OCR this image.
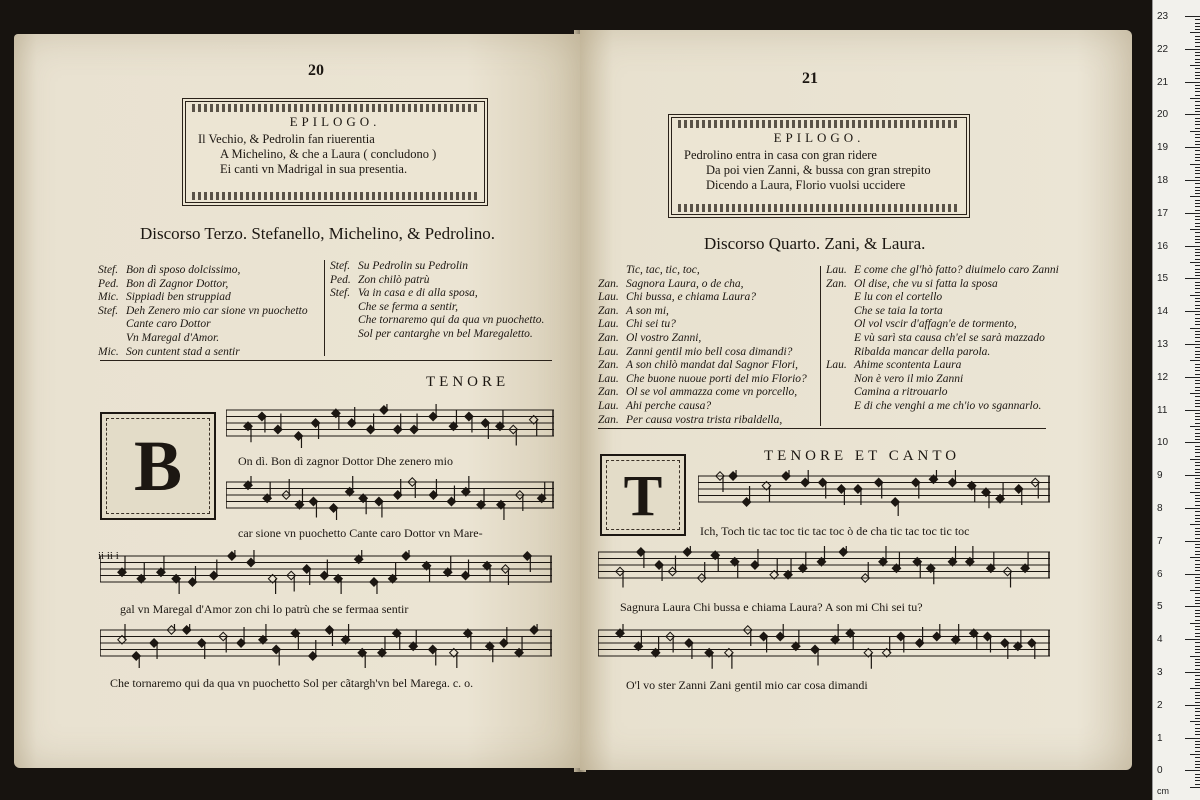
20
EPILOGO.
Il Vechio, & Pedrolin fan riuerentia
A Michelino, & che a Laura ( concludono )
Ei canti vn Madrigal in sua presentia.
Discorso Terzo. Stefanello, Michelino, & Pedrolino.
Stef. Bon dì sposo dolcissimo,
Ped. Bon dì Zagnor Dottor,
Mic. Sippiadi ben struppiad
Stef. Deh Zenero mio car sione vn puochetto
Cante caro Dottor
Vn Maregal d'Amor.
Mic. Son cuntent stad a sentir
Stef. Su Pedrolin su Pedrolin
Ped. Zon chilò patrù
Stef. Va in casa e di alla sposa,
Che se ferma a sentir,
Che tornaremo qui da qua vn puochetto.
Sol per cantarghe vn bel Maregaletto.
TENORE
B	On dì. Bon dì zagnor Dottor Dhe zenero mio
car sione vn puochetto Cante caro Dottor vn Mare-
ii ii i
gal vn Maregal d'Amor zon chi lo patrù che se fermaa sentir
Che tornaremo qui da qua vn puochetto Sol per cãtargh'vn bel Marega. c. o.
21
EPILOGO.
Pedrolino entra in casa con gran ridere
Da poi vien Zanni, & bussa con gran strepito
Dicendo a Laura, Florio vuolsi uccidere
Discorso Quarto. Zani, & Laura.
Tic, tac, tic, toc,
Zan. Sagnora Laura, o de cha,
Lau. Chi bussa, e chiama Laura?
Zan. A son mi,
Lau. Chi sei tu?
Zan. Ol vostro Zanni,
Lau. Zanni gentil mio bell cosa dimandi?
Zan. A son chilò mandat dal Sagnor Flori,
Lau. Che buone nuoue porti del mio Florio?
Zan. Ol se vol ammazza come vn porcello,
Lau. Ahi perche causa?
Zan. Per causa vostra trista ribaldella,
Lau. E come che gl'hò fatto? diuimelo caro Zanni
Zan. Ol dise, che vu si fatta la sposa
E lu con el cortello
Che se taia la torta
Ol vol vscir d'affagn'e de tormento,
E vù sarì sta causa ch'el se sarà mazzado
Ribalda mancar della parola.
Lau. Ahime scontenta Laura
Non è vero il mio Zanni
Camina a ritrouarlo
E di che venghi a me ch'io vo sgannarlo.
TENORE ET CANTO
T
Ich, Toch tic tac toc tic tac toc ò de cha tic tac toc tic toc
Sagnura Laura Chi bussa e chiama Laura? A son mi Chi sei tu?
O'l vo ster Zanni Zani gentil mio car cosa dimandi
cm
23
22
21
20
19
18
17
16
15
14
13
12
11
10
9
8
7
6
5
4
3
2
1
0
